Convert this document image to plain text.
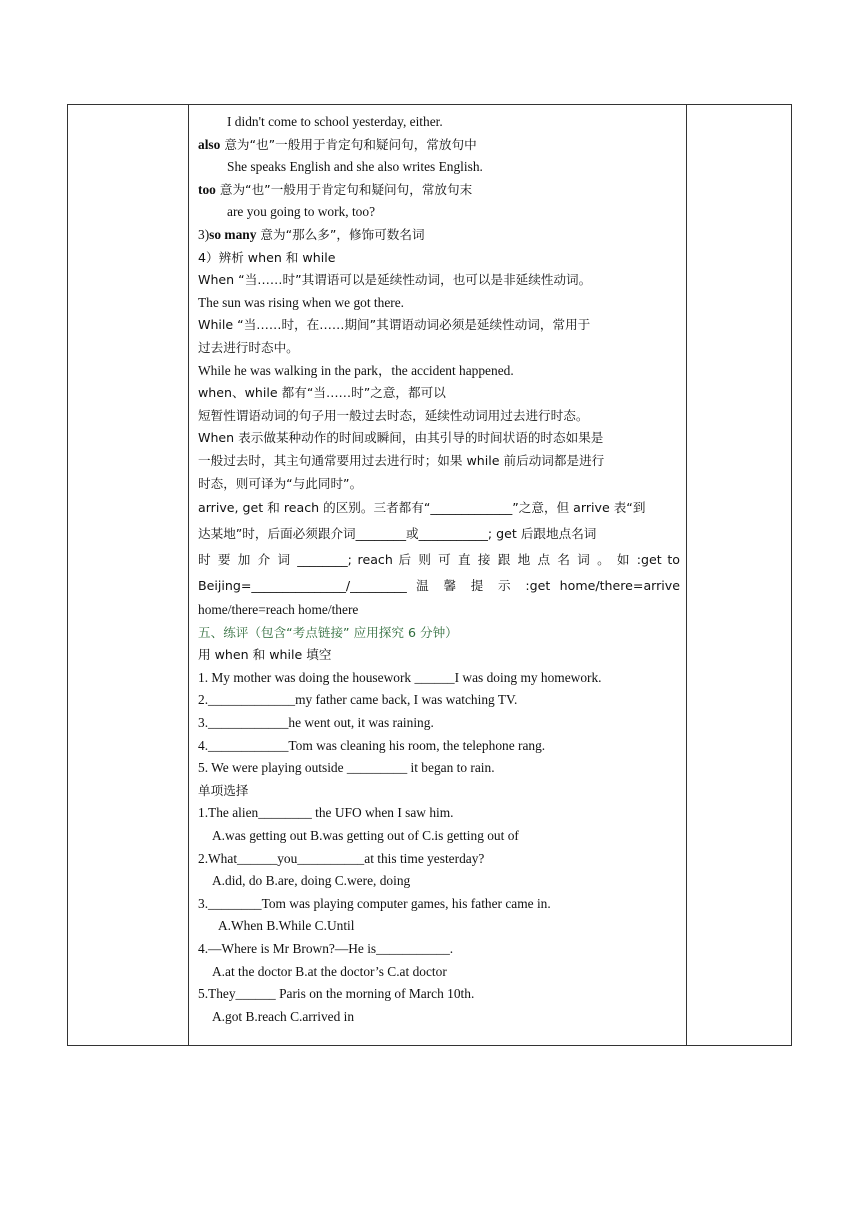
I didn't come to school yesterday, either.
also 意为“也”一般用于肯定句和疑问句，常放句中
She speaks English and she also writes English.
too 意为“也”一般用于肯定句和疑问句，常放句末
are you going to work, too?
3)so many 意为“那么多”，修饰可数名词
4）辨析 when 和 while
When “当……时”其谓语可以是延续性动词，也可以是非延续性动词。
The sun was rising when we got there.
While “当……时，在……期间”其谓语动词必须是延续性动词，常用于
过去进行时态中。
While he was walking in the park，the accident happened.
when、while 都有“当……时”之意，都可以
短暂性谓语动词的句子用一般过去时态，延续性动词用过去进行时态。
When 表示做某种动作的时间或瞬间，由其引导的时间状语的时态如果是
一般过去时，其主句通常要用过去进行时；如果 while 前后动词都是进行
时态，则可译为“与此同时”。
arrive, get 和 reach 的区别。三者都有“_____________”之意，但 arrive 表“到
达某地”时，后面必须跟介词________或___________; get 后跟地点名词
时 要 加 介 词 ________; reach 后 则 可 直 接 跟 地 点 名 词 。 如 :get to
Beijing=_______________/_________ 温 馨 提 示 :get home/there=arrive
home/there=reach home/there
五、练评（包含“考点链接” 应用探究 6 分钟）
用 when 和 while 填空
1. My mother was doing the housework ______I was doing my homework.
2._____________my father came back, I was watching TV.
3.____________he went out, it was raining.
4.____________Tom was cleaning his room, the telephone rang.
5. We were playing outside _________ it began to rain.
单项选择
1.The alien________ the UFO when I saw him.
A.was getting out B.was getting out of C.is getting out of
2.What______you__________at this time yesterday?
A.did, do B.are, doing C.were, doing
3.________Tom was playing computer games, his father came in.
A.When B.While C.Until
4.—Where is Mr Brown?—He is___________.
A.at the doctor B.at the doctor’s C.at doctor
5.They______ Paris on the morning of March 10th.
A.got B.reach C.arrived in
